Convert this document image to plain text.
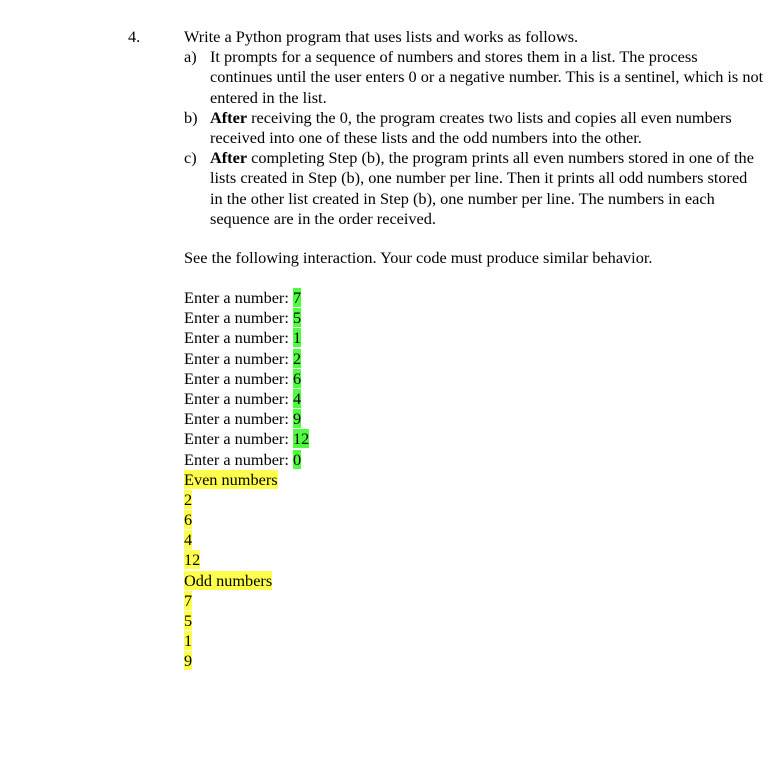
4.	Write a Python program that uses lists and works as follows.

a) It prompts for a sequence of numbers and stores them in a list. The process continues until the user enters 0 or a negative number. This is a sentinel, which is not entered in the list.
b) After receiving the 0, the program creates two lists and copies all even numbers received into one of these lists and the odd numbers into the other.
c) After completing Step (b), the program prints all even numbers stored in one of the lists created in Step (b), one number per line. Then it prints all odd numbers stored in the other list created in Step (b), one number per line. The numbers in each sequence are in the order received.

See the following interaction. Your code must produce similar behavior.

Enter a number: 7
Enter a number: 5
Enter a number: 1
Enter a number: 2
Enter a number: 6
Enter a number: 4
Enter a number: 9
Enter a number: 12
Enter a number: 0
Even numbers
2
6
4
12
Odd numbers
7
5
1
9
